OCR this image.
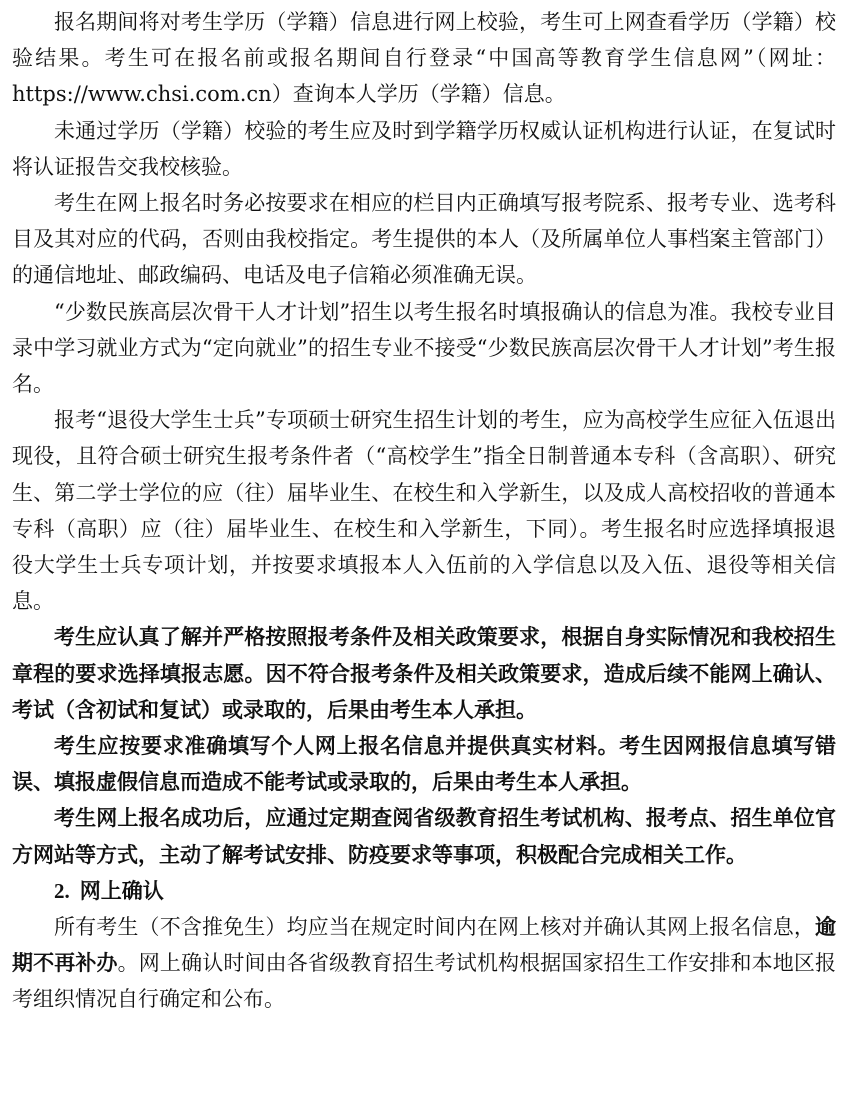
报名期间将对考生学历（学籍）信息进行网上校验，考生可上网查看学历（学籍）校验结果。考生可在报名前或报名期间自行登录“中国高等教育学生信息网”（网址：https://www.chsi.com.cn）查询本人学历（学籍）信息。

未通过学历（学籍）校验的考生应及时到学籍学历权威认证机构进行认证，在复试时将认证报告交我校核验。

考生在网上报名时务必按要求在相应的栏目内正确填写报考院系、报考专业、选考科目及其对应的代码，否则由我校指定。考生提供的本人（及所属单位人事档案主管部门）的通信地址、邮政编码、电话及电子信箱必须准确无误。

“少数民族高层次骨干人才计划”招生以考生报名时填报确认的信息为准。我校专业目录中学习就业方式为“定向就业”的招生专业不接受“少数民族高层次骨干人才计划”考生报名。

报考“退役大学生士兵”专项硕士研究生招生计划的考生，应为高校学生应征入伍退出现役，且符合硕士研究生报考条件者（“高校学生”指全日制普通本专科（含高职）、研究生、第二学士学位的应（往）届毕业生、在校生和入学新生，以及成人高校招收的普通本专科（高职）应（往）届毕业生、在校生和入学新生，下同）。考生报名时应选择填报退役大学生士兵专项计划，并按要求填报本人入伍前的入学信息以及入伍、退役等相关信息。

考生应认真了解并严格按照报考条件及相关政策要求，根据自身实际情况和我校招生章程的要求选择填报志愿。因不符合报考条件及相关政策要求，造成后续不能网上确认、考试（含初试和复试）或录取的，后果由考生本人承担。

考生应按要求准确填写个人网上报名信息并提供真实材料。考生因网报信息填写错误、填报虚假信息而造成不能考试或录取的，后果由考生本人承担。

考生网上报名成功后，应通过定期查阅省级教育招生考试机构、报考点、招生单位官方网站等方式，主动了解考试安排、防疫要求等事项，积极配合完成相关工作。

2. 网上确认

所有考生（不含推免生）均应当在规定时间内在网上核对并确认其网上报名信息，逾期不再补办。网上确认时间由各省级教育招生考试机构根据国家招生工作安排和本地区报考组织情况自行确定和公布。
